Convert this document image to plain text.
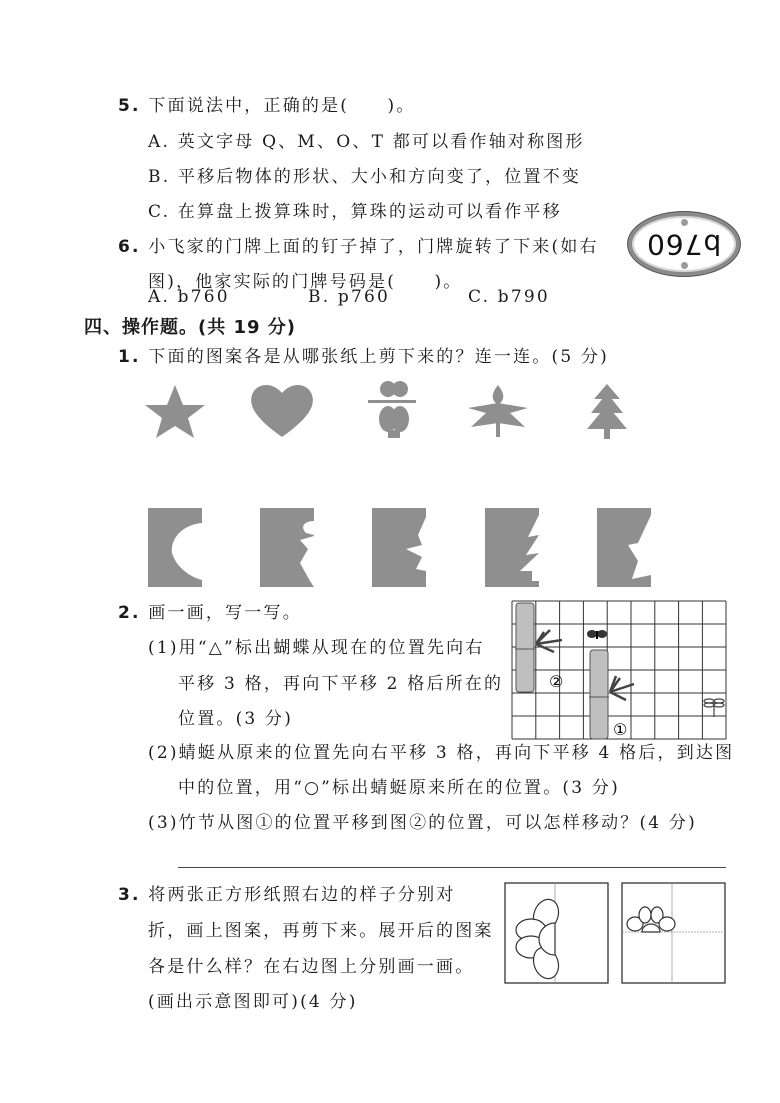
5. 下面说法中，正确的是(　　)。
A. 英文字母 Q、M、O、T 都可以看作轴对称图形
B. 平移后物体的形状、大小和方向变了，位置不变
C. 在算盘上拨算珠时，算珠的运动可以看作平移
6. 小飞家的门牌上面的钉子掉了，门牌旋转了下来(如右
图)，他家实际的门牌号码是(　　)。
b760
A. b760	B. p760	C. b790
四、操作题。(共 19 分)
1. 下面的图案各是从哪张纸上剪下来的？连一连。(5 分)
2. 画一画，写一写。
(1)用“△”标出蝴蝶从现在的位置先向右
平移 3 格，再向下平移 2 格后所在的
位置。(3 分)
(2)蜻蜓从原来的位置先向右平移 3 格，再向下平移 4 格后，到达图
中的位置，用“○”标出蜻蜓原来所在的位置。(3 分)
(3)竹节从图①的位置平移到图②的位置，可以怎样移动？(4 分)
②
①
3. 将两张正方形纸照右边的样子分别对
折，画上图案，再剪下来。展开后的图案
各是什么样？在右边图上分别画一画。
(画出示意图即可)(4 分)
